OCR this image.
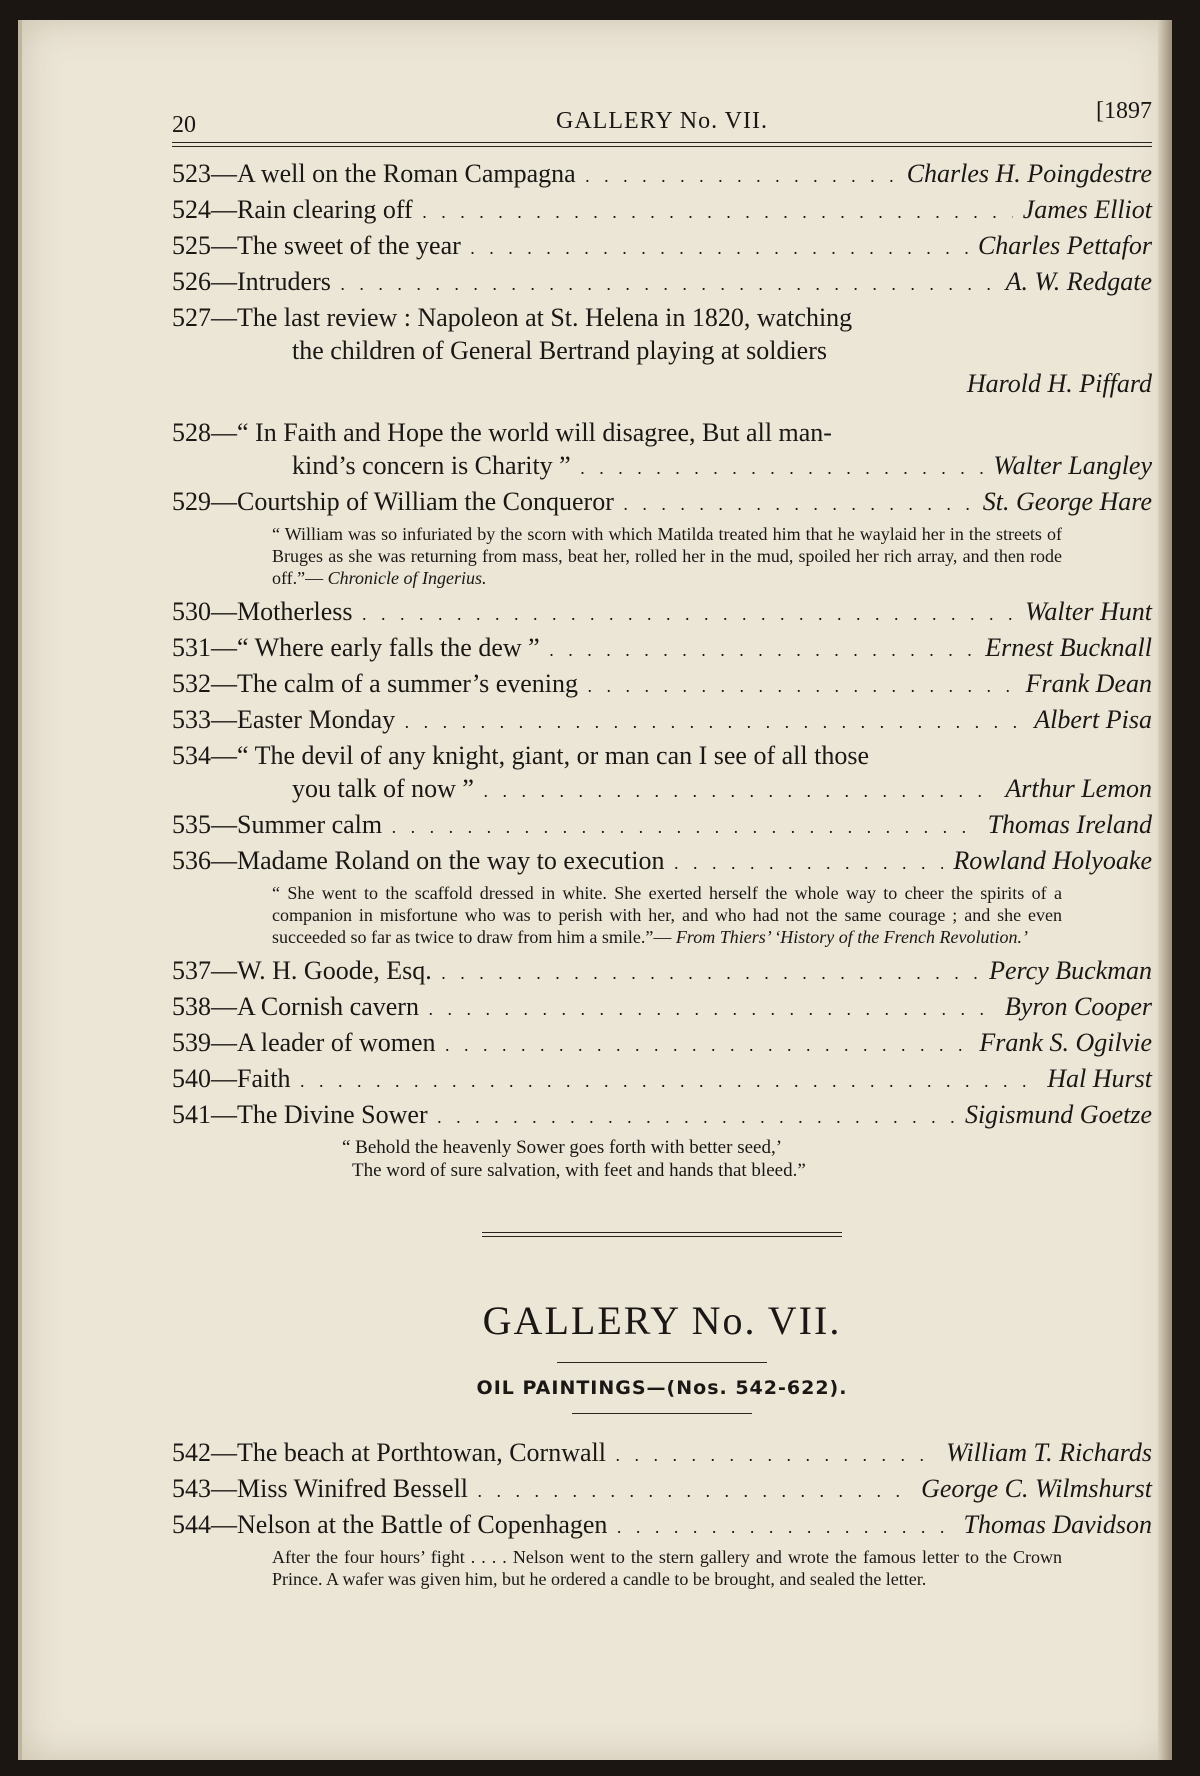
20	GALLERY No. VII.	[1897
523—A well on the Roman Campagna . . .	Charles H. Poingdestre
524—Rain clearing off . . .	James Elliot
525—The sweet of the year . . .	Charles Pettafor
526—Intruders . . .	A. W. Redgate
527—The last review : Napoleon at St. Helena in 1820, watching
the children of General Bertrand playing at soldiers
Harold H. Piffard
528—“ In Faith and Hope the world will disagree, But all man-
kind’s concern is Charity ” . . .	Walter Langley
529—Courtship of William the Conqueror . . .	St. George Hare
“ William was so infuriated by the scorn with which Matilda treated him that he waylaid her in the streets of Bruges as she was returning from mass, beat her, rolled her in the mud, spoiled her rich array, and then rode off.”— Chronicle of Ingerius.
530—Motherless . . .	Walter Hunt
531—“ Where early falls the dew ” . . .	Ernest Bucknall
532—The calm of a summer’s evening . . .	Frank Dean
533—Easter Monday . . .	Albert Pisa
534—“ The devil of any knight, giant, or man can I see of all those
you talk of now ” . . .	Arthur Lemon
535—Summer calm . . .	Thomas Ireland
536—Madame Roland on the way to execution . . .	Rowland Holyoake
“ She went to the scaffold dressed in white. She exerted herself the whole way to cheer the spirits of a companion in misfortune who was to perish with her, and who had not the same courage ; and she even succeeded so far as twice to draw from him a smile.”— From Thiers’ ‘History of the French Revolution.’
537—W. H. Goode, Esq. . . .	Percy Buckman
538—A Cornish cavern . . .	Byron Cooper
539—A leader of women . . .	Frank S. Ogilvie
540—Faith . . .	Hal Hurst
541—The Divine Sower . . .	Sigismund Goetze
“ Behold the heavenly Sower goes forth with better seed,’
The word of sure salvation, with feet and hands that bleed.”
GALLERY No. VII.
OIL PAINTINGS—(Nos. 542-622).
542—The beach at Porthtowan, Cornwall . . .	William T. Richards
543—Miss Winifred Bessell . . .	George C. Wilmshurst
544—Nelson at the Battle of Copenhagen . . .	Thomas Davidson
After the four hours’ fight . . . . Nelson went to the stern gallery and wrote the famous letter to the Crown Prince. A wafer was given him, but he ordered a candle to be brought, and sealed the letter.
